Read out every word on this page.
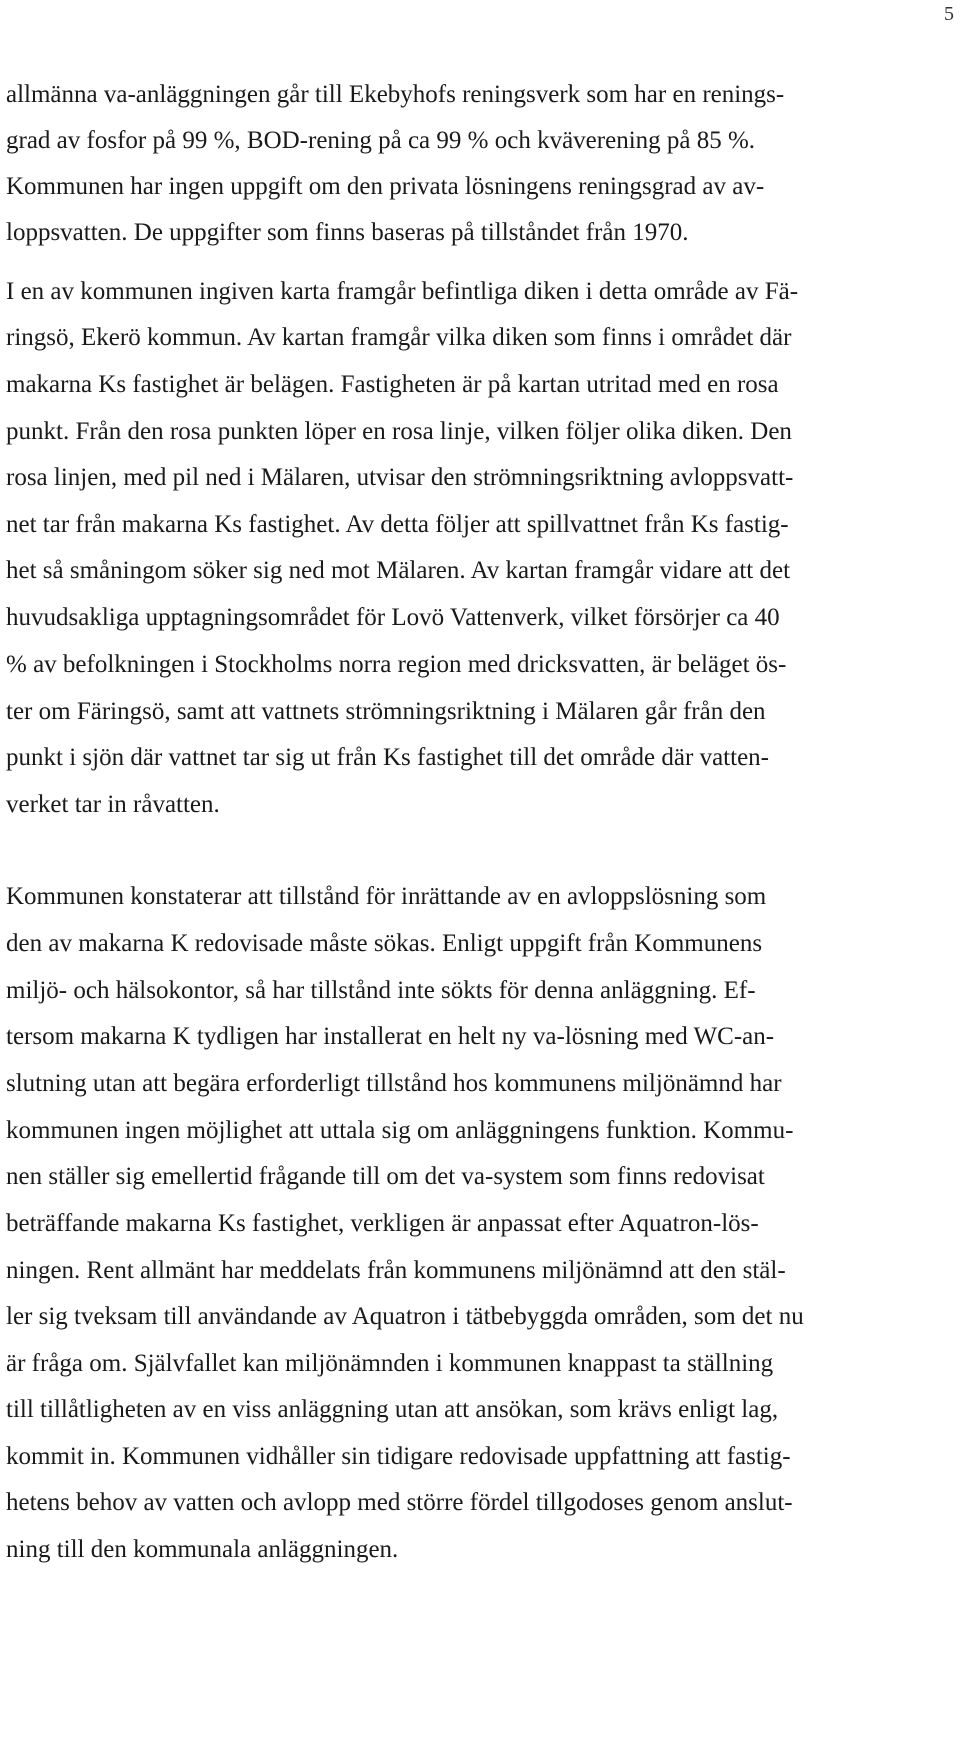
5
allmänna va-anläggningen går till Ekebyhofs reningsverk som har en renings-
grad av fosfor på 99 %, BOD-rening på ca 99 % och kväverening på 85 %.
Kommunen har ingen uppgift om den privata lösningens reningsgrad av av-
loppsvatten. De uppgifter som finns baseras på tillståndet från 1970.
I en av kommunen ingiven karta framgår befintliga diken i detta område av Fä-
ringsö, Ekerö kommun. Av kartan framgår vilka diken som finns i området där
makarna Ks fastighet är belägen. Fastigheten är på kartan utritad med en rosa
punkt. Från den rosa punkten löper en rosa linje, vilken följer olika diken. Den
rosa linjen, med pil ned i Mälaren, utvisar den strömningsriktning avloppsvatt-
net tar från makarna Ks fastighet. Av detta följer att spillvattnet från Ks fastig-
het så småningom söker sig ned mot Mälaren. Av kartan framgår vidare att det
huvudsakliga upptagningsområdet för Lovö Vattenverk, vilket försörjer ca 40
% av befolkningen i Stockholms norra region med dricksvatten, är beläget ös-
ter om Färingsö, samt att vattnets strömningsriktning i Mälaren går från den
punkt i sjön där vattnet tar sig ut från Ks fastighet till det område där vatten-
verket tar in råvatten.
Kommunen konstaterar att tillstånd för inrättande av en avloppslösning som
den av makarna K redovisade måste sökas. Enligt uppgift från Kommunens
miljö- och hälsokontor, så har tillstånd inte sökts för denna anläggning. Ef-
tersom makarna K tydligen har installerat en helt ny va-lösning med WC-an-
slutning utan att begära erforderligt tillstånd hos kommunens miljönämnd har
kommunen ingen möjlighet att uttala sig om anläggningens funktion. Kommu-
nen ställer sig emellertid frågande till om det va-system som finns redovisat
beträffande makarna Ks fastighet, verkligen är anpassat efter Aquatron-lös-
ningen. Rent allmänt har meddelats från kommunens miljönämnd att den stäl-
ler sig tveksam till användande av Aquatron i tätbebyggda områden, som det nu
är fråga om. Självfallet kan miljönämnden i kommunen knappast ta ställning
till tillåtligheten av en viss anläggning utan att ansökan, som krävs enligt lag,
kommit in. Kommunen vidhåller sin tidigare redovisade uppfattning att fastig-
hetens behov av vatten och avlopp med större fördel tillgodoses genom anslut-
ning till den kommunala anläggningen.
